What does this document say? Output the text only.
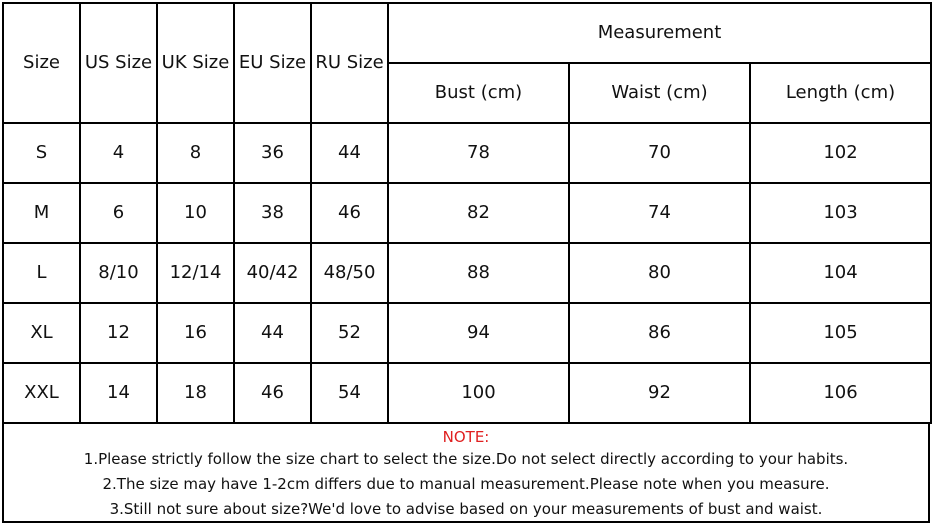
Size	US Size	UK Size	EU Size	RU Size	Measurement		
					Bust (cm)	Waist (cm)	Length (cm)
S	4	8	36	44	78	70	102
M	6	10	38	46	82	74	103
L	8/10	12/14	40/42	48/50	88	80	104
XL	12	16	44	52	94	86	105
XXL	14	18	46	54	100	92	106
NOTE:
1.Please strictly follow the size chart to select the size.Do not select directly according to your habits.
2.The size may have 1-2cm differs due to manual measurement.Please note when you measure.
3.Still not sure about size?We'd love to advise based on your measurements of bust and waist.
